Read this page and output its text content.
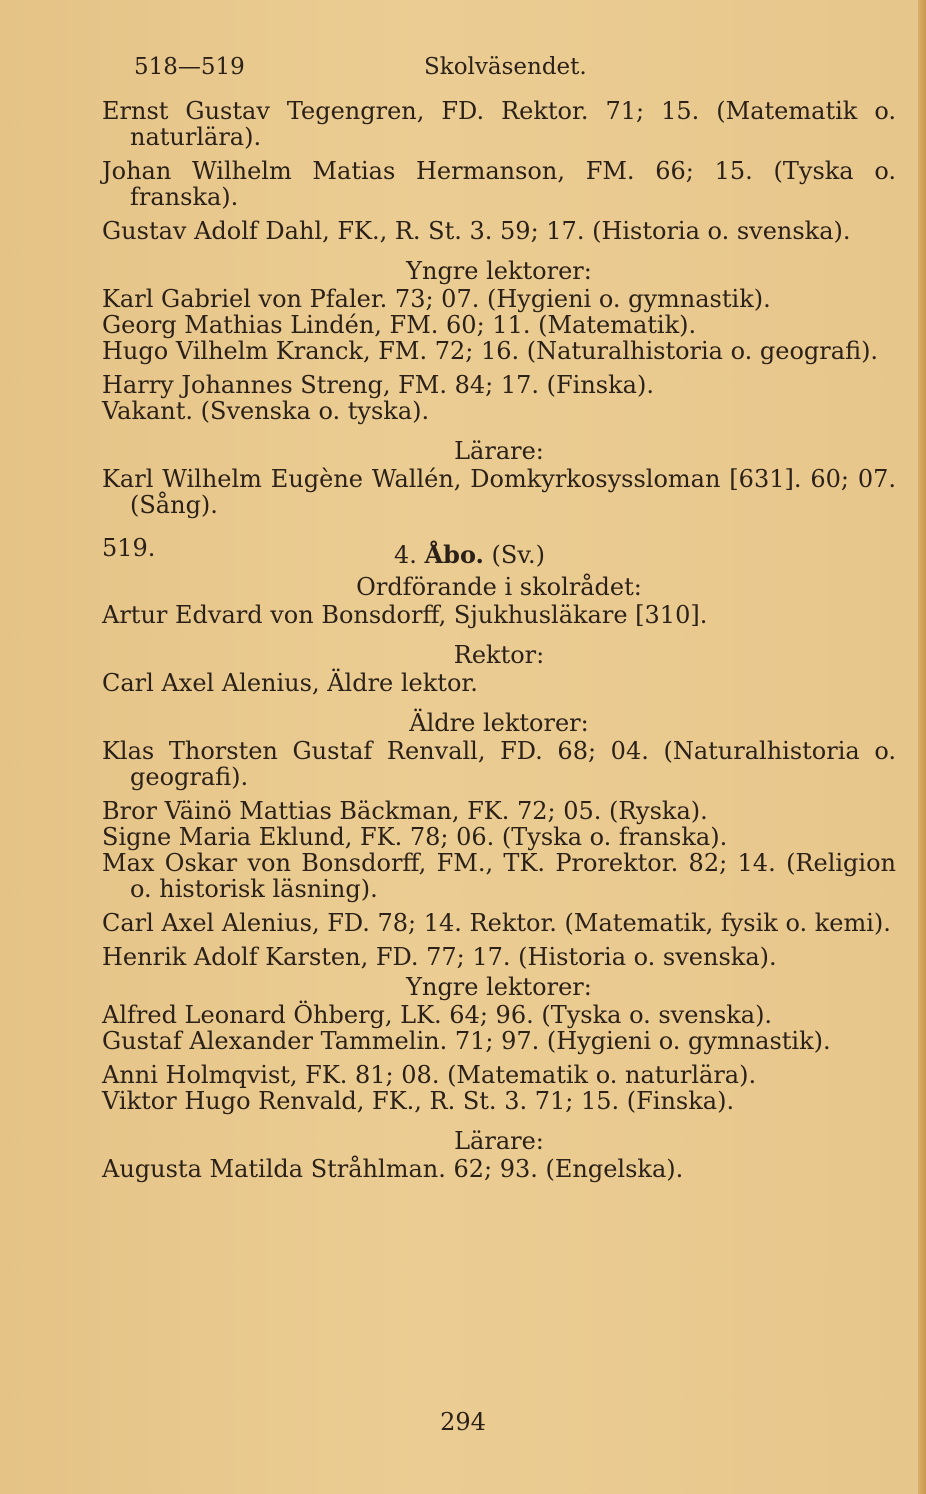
518—519	Skolväsendet.

Ernst Gustav Tegengren, FD. Rektor. 71; 15. (Matematik o. naturlära).

Johan Wilhelm Matias Hermanson, FM. 66; 15. (Tyska o. franska).

Gustav Adolf Dahl, FK., R. St. 3. 59; 17. (Historia o. svenska).

Yngre lektorer:

Karl Gabriel von Pfaler. 73; 07. (Hygieni o. gymnastik).

Georg Mathias Lindén, FM. 60; 11. (Matematik).

Hugo Vilhelm Kranck, FM. 72; 16. (Naturalhistoria o. geografi).

Harry Johannes Streng, FM. 84; 17. (Finska).

Vakant. (Svenska o. tyska).

Lärare:

Karl Wilhelm Eugène Wallén, Domkyrkosyssloman [631]. 60; 07. (Sång).

519.	4. Åbo. (Sv.)
Ordförande i skolrådet:

Artur Edvard von Bonsdorff, Sjukhusläkare [310].

Rektor:

Carl Axel Alenius, Äldre lektor.

Äldre lektorer:

Klas Thorsten Gustaf Renvall, FD. 68; 04. (Naturalhistoria o. geografi).

Bror Väinö Mattias Bäckman, FK. 72; 05. (Ryska).

Signe Maria Eklund, FK. 78; 06. (Tyska o. franska).

Max Oskar von Bonsdorff, FM., TK. Prorektor. 82; 14. (Religion o. historisk läsning).

Carl Axel Alenius, FD. 78; 14. Rektor. (Matematik, fysik o. kemi).

Henrik Adolf Karsten, FD. 77; 17. (Historia o. svenska).

Yngre lektorer:

Alfred Leonard Öhberg, LK. 64; 96. (Tyska o. svenska).

Gustaf Alexander Tammelin. 71; 97. (Hygieni o. gymnastik).

Anni Holmqvist, FK. 81; 08. (Matematik o. naturlära).

Viktor Hugo Renvald, FK., R. St. 3. 71; 15. (Finska).

Lärare:

Augusta Matilda Stråhlman. 62; 93. (Engelska).

294
